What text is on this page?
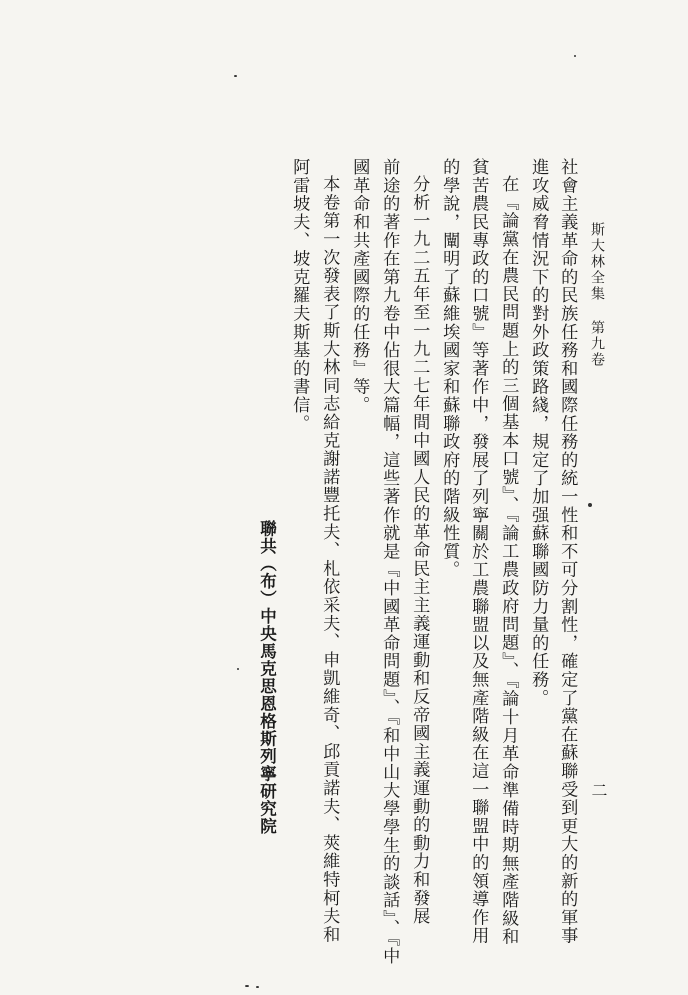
斯大林全集 第九卷
二
社會主義革命的民族任務和國際任務的統一性和不可分割性，確定了黨在蘇聯受到更大的新的軍事
進攻威脅情況下的對外政策路綫，規定了加强蘇聯國防力量的任務。
在『論黨在農民問題上的三個基本口號』、『論工農政府問題』、『論十月革命準備時期無產階級和
貧苦農民專政的口號』等著作中，發展了列寧關於工農聯盟以及無產階級在這一聯盟中的領導作用
的學說，闡明了蘇維埃國家和蘇聯政府的階級性質。
分析一九二五年至一九二七年間中國人民的革命民主主義運動和反帝國主義運動的動力和發展
前途的著作在第九卷中佔很大篇幅，這些著作就是『中國革命問題』、『和中山大學學生的談話』、『中
國革命和共產國際的任務』等。
本卷第一次發表了斯大林同志給克謝諾豐托夫、札依采夫、申凱維奇、邱貢諾夫、莢維特柯夫和
阿雷坡夫、坡克羅夫斯基的書信。
聯共（布）中央馬克思恩格斯列寧研究院
